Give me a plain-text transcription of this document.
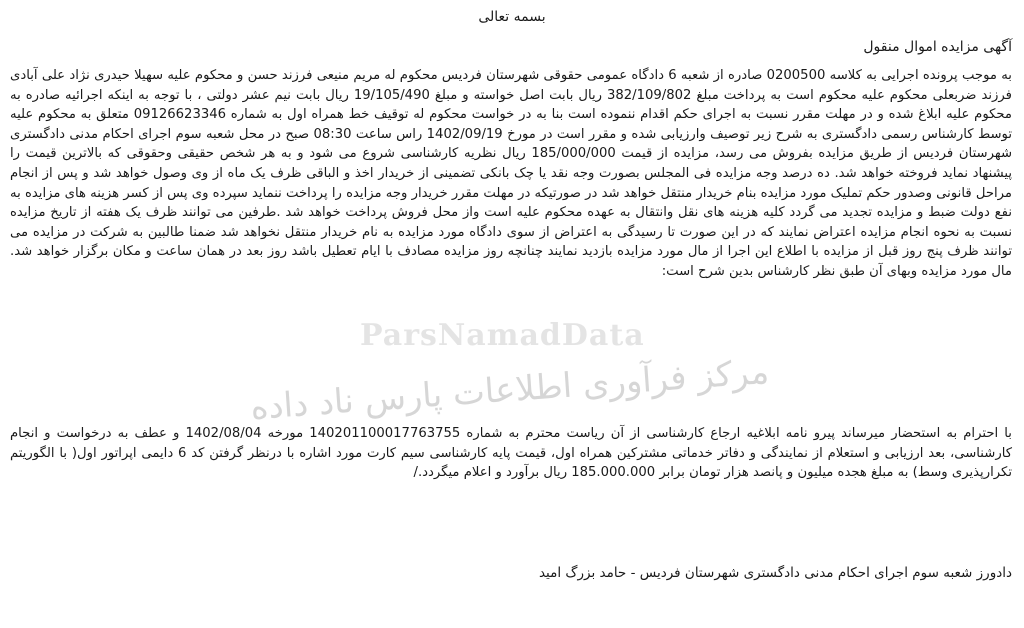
ParsNamadData
مرکز فرآوری اطلاعات پارس ناد داده
بسمه تعالی
آگهی مزایده اموال منقول

به موجب پرونده اجرایی به کلاسه 0200500 صادره از شعبه 6 دادگاه عمومی حقوقی شهرستان فردیس محکوم له مریم منیعی فرزند حسن و محکوم علیه سهیلا حیدری نژاد علی آبادی فرزند ضربعلی محکوم علیه محکوم است به پرداخت مبلغ 382/109/802 ریال بابت اصل خواسته و مبلغ 19/105/490 ریال بابت نیم عشر دولتی ، با توجه به اینکه اجرائیه صادره به محکوم علیه ابلاغ شده و در مهلت مقرر نسبت به اجرای حکم اقدام ننموده است بنا به در خواست محکوم له توقیف خط همراه اول به شماره 09126623346 متعلق به محکوم علیه توسط کارشناس رسمی دادگستری به شرح زیر توصیف وارزیابی شده و مقرر است در مورخ 1402/09/19 راس ساعت 08:30 صبح در محل شعبه سوم اجرای احکام مدنی دادگستری شهرستان فردیس از طریق مزایده بفروش می رسد، مزایده از قیمت 185/000/000 ریال نظریه کارشناسی شروع می شود و به هر شخص حقیقی وحقوقی که بالاترین قیمت را پیشنهاد نماید فروخته خواهد شد. ده درصد وجه مزایده فی المجلس بصورت وجه نقد یا چک بانکی تضمینی از خریدار اخذ و الباقی ظرف یک ماه از وی وصول خواهد شد و پس از انجام مراحل قانونی وصدور حکم تملیک مورد مزایده بنام خریدار منتقل خواهد شد در صورتیکه در مهلت مقرر خریدار وجه مزایده را پرداخت ننماید سپرده وی پس از کسر هزینه های مزایده به نفع دولت ضبط و مزایده تجدید می گردد کلیه هزینه های نقل وانتقال به عهده محکوم علیه است واز محل فروش پرداخت خواهد شد .طرفین می توانند ظرف یک هفته از تاریخ مزایده نسبت به نحوه انجام مزایده اعتراض نمایند که در این صورت تا رسیدگی به اعتراض از سوی دادگاه مورد مزایده به نام خریدار منتقل نخواهد شد ضمنا طالبین به شرکت در مزایده می توانند ظرف پنج روز قبل از مزایده با اطلاع این اجرا از مال مورد مزایده بازدید نمایند چنانچه روز مزایده مصادف با ایام تعطیل باشد روز بعد در همان ساعت و مکان برگزار خواهد شد. مال مورد مزایده وبهای آن طبق نظر کارشناس بدین شرح است:

با احترام به استحضار میرساند پیرو نامه ابلاغیه ارجاع کارشناسی از آن ریاست محترم به شماره 140201100017763755 مورخه 1402/08/04 و عطف به درخواست و انجام کارشناسی، بعد ارزیابی و استعلام از نمایندگی و دفاتر خدماتی مشترکین همراه اول، قیمت پایه کارشناسی سیم کارت مورد اشاره با درنظر گرفتن کد 6 دایمی اپراتور اول( با الگوریتم تکرارپذیری وسط) به مبلغ هجده میلیون و پانصد هزار تومان برابر 185.000.000 ریال برآورد و اعلام میگردد./

دادورز شعبه سوم اجرای احکام مدنی دادگستری شهرستان فردیس - حامد بزرگ امید
